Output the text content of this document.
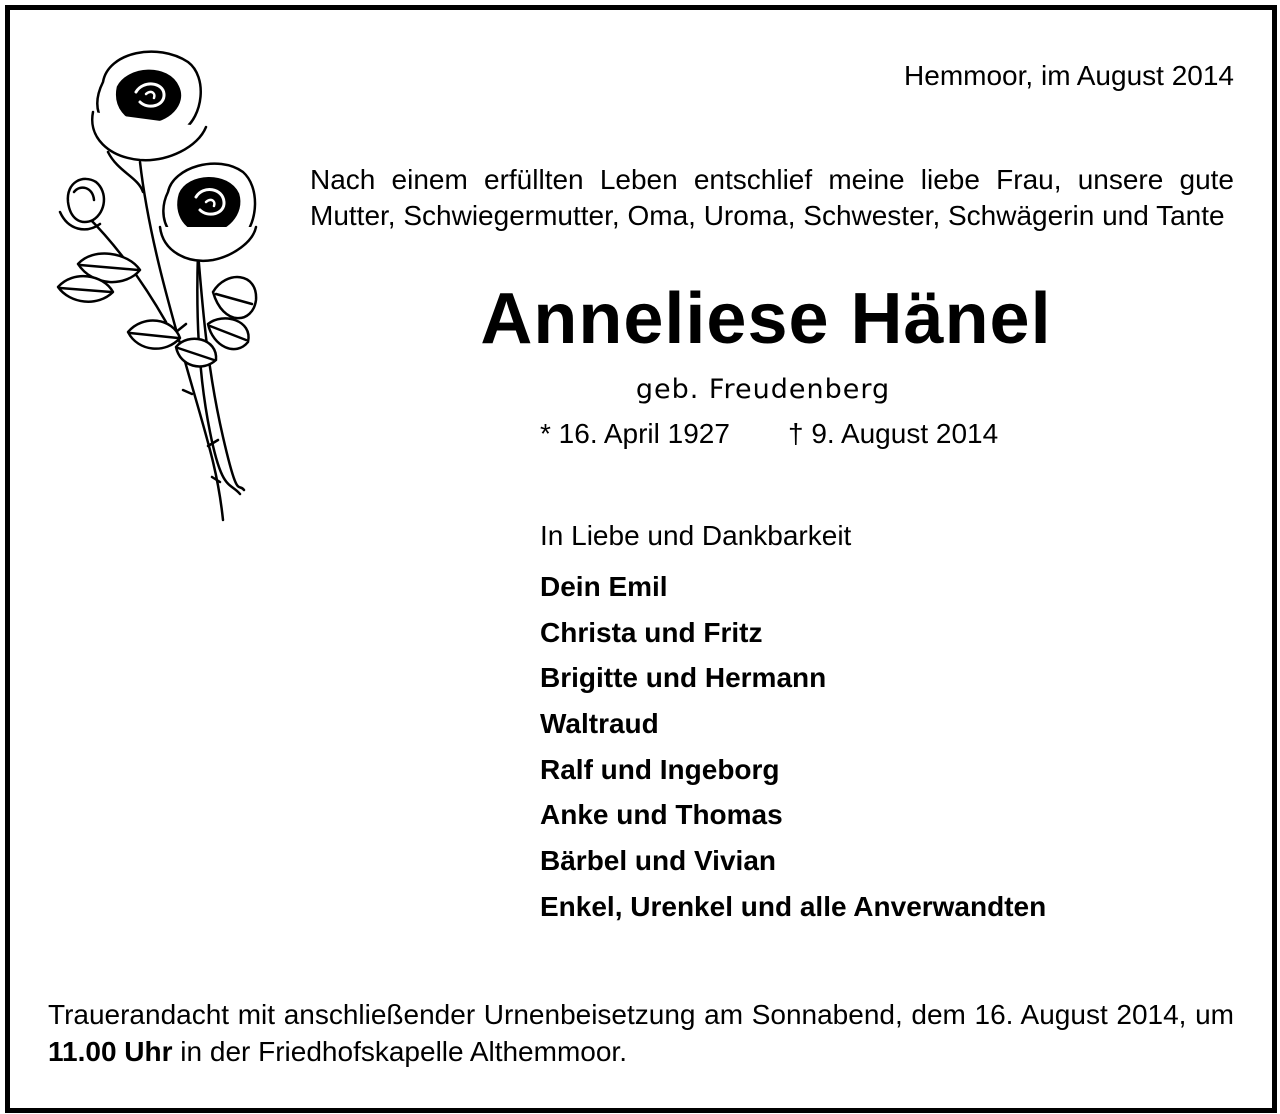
Hemmoor, im August 2014

Nach einem erfüllten Leben entschlief meine liebe Frau, unsere gute Mutter, Schwiegermutter, Oma, Uroma, Schwester, Schwägerin und Tante

Anneliese Hänel

geb. Freudenberg

* 16. April 1927 † 9. August 2014

In Liebe und Dankbarkeit

Dein Emil
Christa und Fritz
Brigitte und Hermann
Waltraud
Ralf und Ingeborg
Anke und Thomas
Bärbel und Vivian
Enkel, Urenkel und alle Anverwandten

Trauerandacht mit anschließender Urnenbeisetzung am Sonnabend, dem 16. August 2014, um 11.00 Uhr in der Friedhofskapelle Althemmoor.
